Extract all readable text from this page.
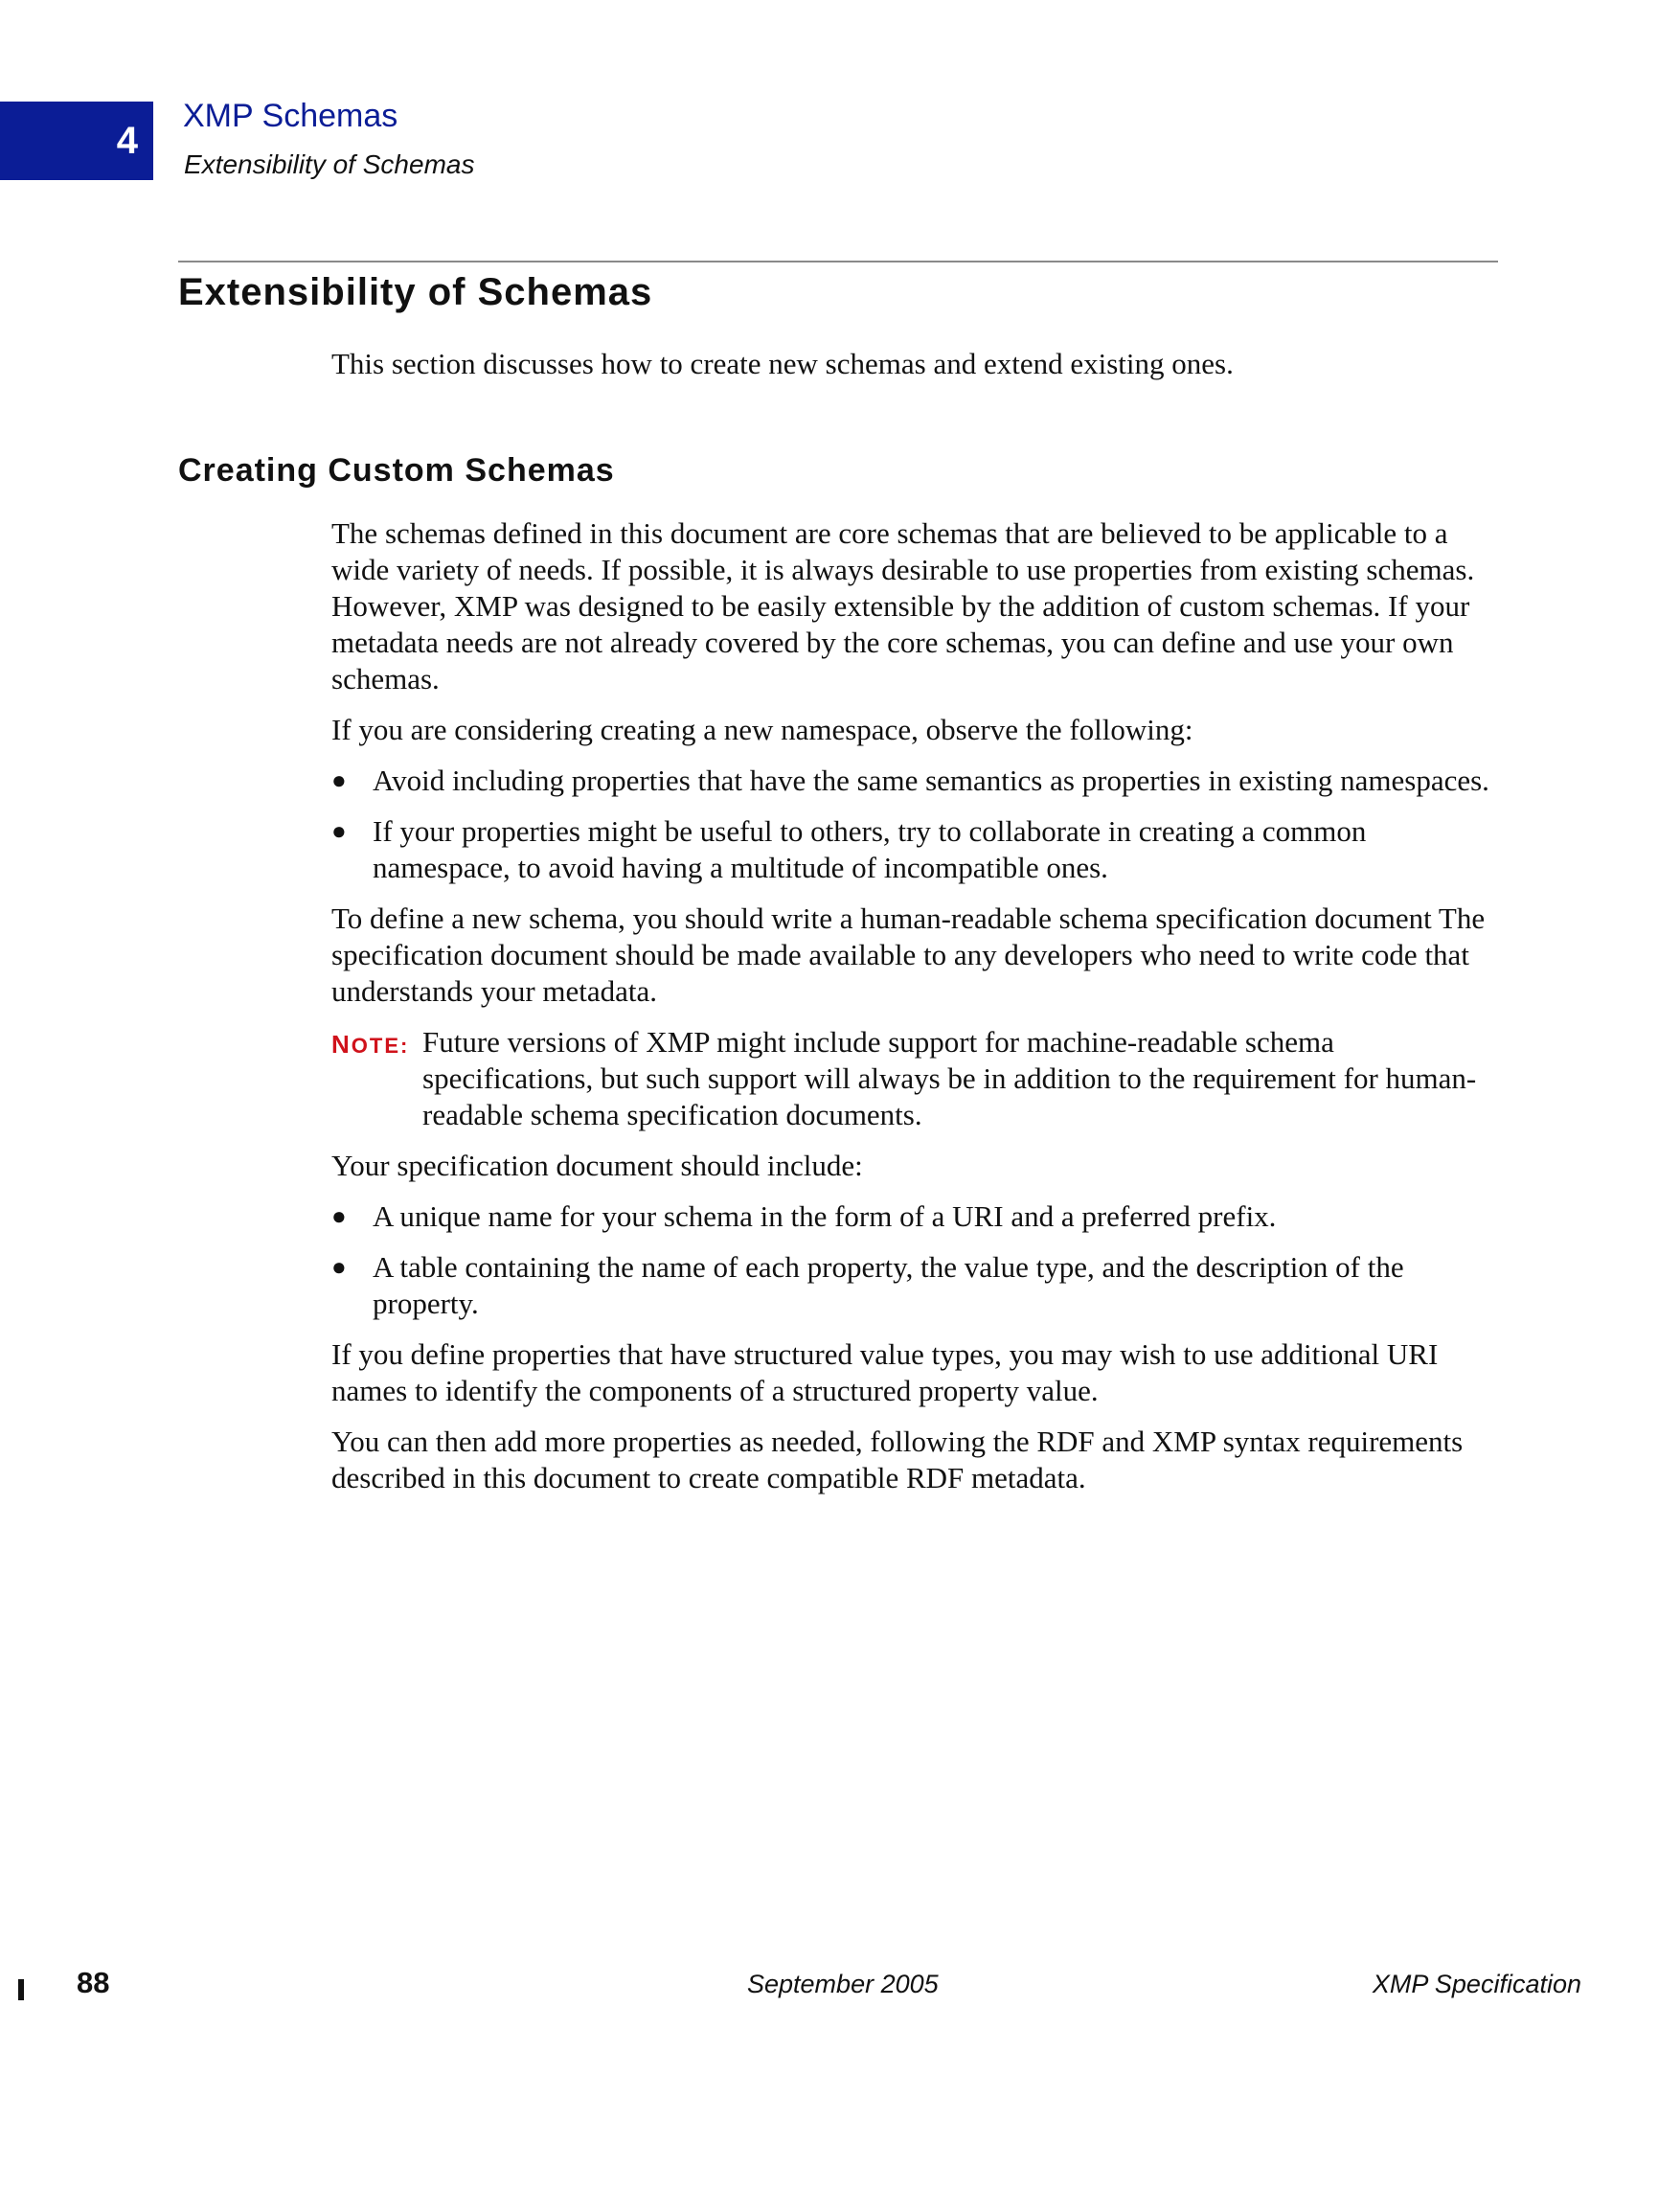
4
XMP Schemas
Extensibility of Schemas
Extensibility of Schemas

This section discusses how to create new schemas and extend existing ones.

Creating Custom Schemas

The schemas defined in this document are core schemas that are believed to be applicable to a wide variety of needs. If possible, it is always desirable to use properties from existing schemas. However, XMP was designed to be easily extensible by the addition of custom schemas. If your metadata needs are not already covered by the core schemas, you can define and use your own schemas.

If you are considering creating a new namespace, observe the following:

● Avoid including properties that have the same semantics as properties in existing namespaces.
● If your properties might be useful to others, try to collaborate in creating a common namespace, to avoid having a multitude of incompatible ones.

To define a new schema, you should write a human-readable schema specification document The specification document should be made available to any developers who need to write code that understands your metadata.

NOTE: Future versions of XMP might include support for machine-readable schema specifications, but such support will always be in addition to the requirement for human-readable schema specification documents.

Your specification document should include:

● A unique name for your schema in the form of a URI and a preferred prefix.
● A table containing the name of each property, the value type, and the description of the property.

If you define properties that have structured value types, you may wish to use additional URI names to identify the components of a structured property value.

You can then add more properties as needed, following the RDF and XMP syntax requirements described in this document to create compatible RDF metadata.

88	September 2005	XMP Specification
